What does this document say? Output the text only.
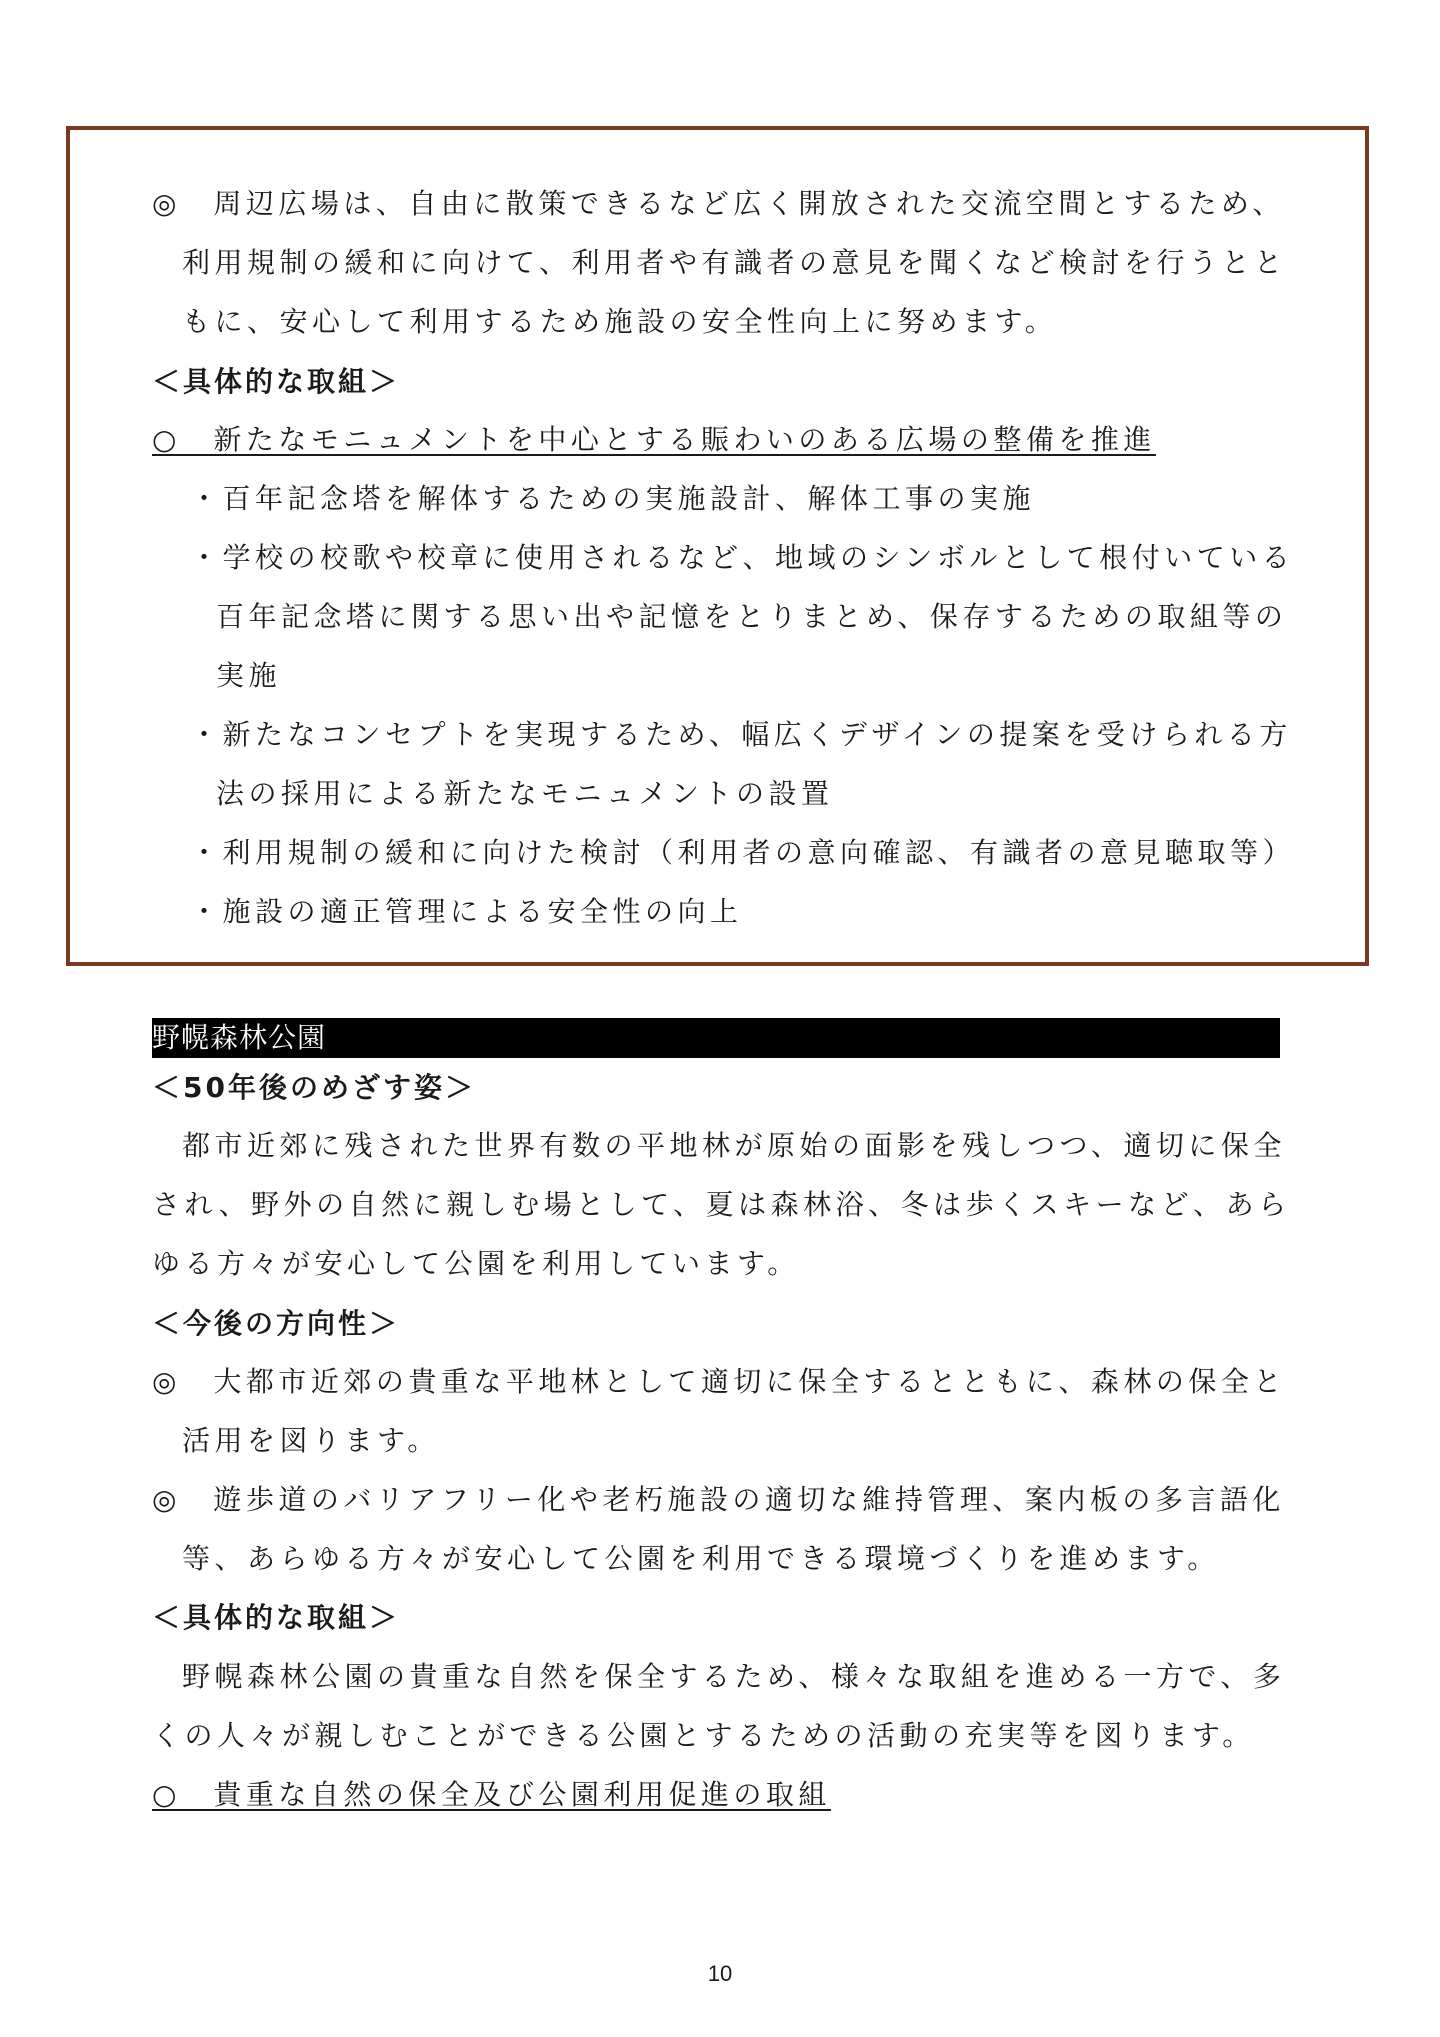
◎　周辺広場は、自由に散策できるなど広く開放された交流空間とするため、
利用規制の緩和に向けて、利用者や有識者の意見を聞くなど検討を行うとと
もに、安心して利用するため施設の安全性向上に努めます。
＜具体的な取組＞
○　新たなモニュメントを中心とする賑わいのある広場の整備を推進
・百年記念塔を解体するための実施設計、解体工事の実施
・学校の校歌や校章に使用されるなど、地域のシンボルとして根付いている
百年記念塔に関する思い出や記憶をとりまとめ、保存するための取組等の
実施
・新たなコンセプトを実現するため、幅広くデザインの提案を受けられる方
法の採用による新たなモニュメントの設置
・利用規制の緩和に向けた検討（利用者の意向確認、有識者の意見聴取等）
・施設の適正管理による安全性の向上
野幌森林公園
＜50年後のめざす姿＞
都市近郊に残された世界有数の平地林が原始の面影を残しつつ、適切に保全
され、野外の自然に親しむ場として、夏は森林浴、冬は歩くスキーなど、あら
ゆる方々が安心して公園を利用しています。
＜今後の方向性＞
◎　大都市近郊の貴重な平地林として適切に保全するとともに、森林の保全と
活用を図ります。
◎　遊歩道のバリアフリー化や老朽施設の適切な維持管理、案内板の多言語化
等、あらゆる方々が安心して公園を利用できる環境づくりを進めます。
＜具体的な取組＞
野幌森林公園の貴重な自然を保全するため、様々な取組を進める一方で、多
くの人々が親しむことができる公園とするための活動の充実等を図ります。
○　貴重な自然の保全及び公園利用促進の取組
10
